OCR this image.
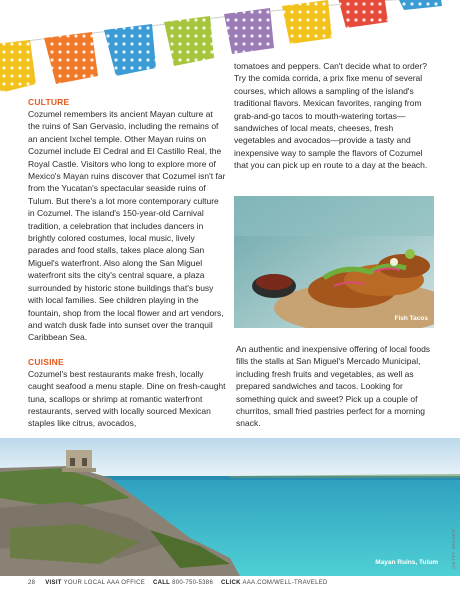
CULTURE
Cozumel remembers its ancient Mayan culture at the ruins of San Gervasio, including the remains of an ancient Ixchel temple. Other Mayan ruins on Cozumel include El Cedral and El Castillo Real, the Royal Castle. Visitors who long to explore more of Mexico's Mayan ruins discover that Cozumel isn't far from the Yucatan's spectacular seaside ruins of Tulum. But there's a lot more contemporary culture in Cozumel. The island's 150-year-old Carnival tradition, a celebration that includes dancers in brightly colored costumes, local music, lively parades and food stalls, takes place along San Miguel's waterfront. Also along the San Miguel waterfront sits the city's central square, a plaza surrounded by historic stone buildings that's busy with local families. See children playing in the fountain, shop from the local flower and art vendors, and watch dusk fade into sunset over the tranquil Caribbean Sea.
CUISINE
Cozumel's best restaurants make fresh, locally caught seafood a menu staple. Dine on fresh-caught tuna, scallops or shrimp at romantic waterfront restaurants, served with locally sourced Mexican staples like citrus, avocados,
tomatoes and peppers. Can't decide what to order? Try the comida corrida, a prix fixe menu of several courses, which allows a sampling of the island's traditional flavors. Mexican favorites, ranging from grab-and-go tacos to mouth-watering tortas—sandwiches of local meats, cheeses, fresh vegetables and avocados—provide a tasty and inexpensive way to sample the flavors of Cozumel that you can pick up en route to a day at the beach.
Fish Tacos
An authentic and inexpensive offering of local foods fills the stalls at San Miguel's Mercado Municipal, including fresh fruits and vegetables, as well as prepared sandwiches and tacos. Looking for something quick and sweet? Pick up a couple of churritos, small fried pastries perfect for a morning snack.
Mayan Ruins, Tulum	GETTY IMAGES
28 VISIT YOUR LOCAL AAA OFFICE CALL 800-750-5386 CLICK AAA.COM/WELL-TRAVELED
